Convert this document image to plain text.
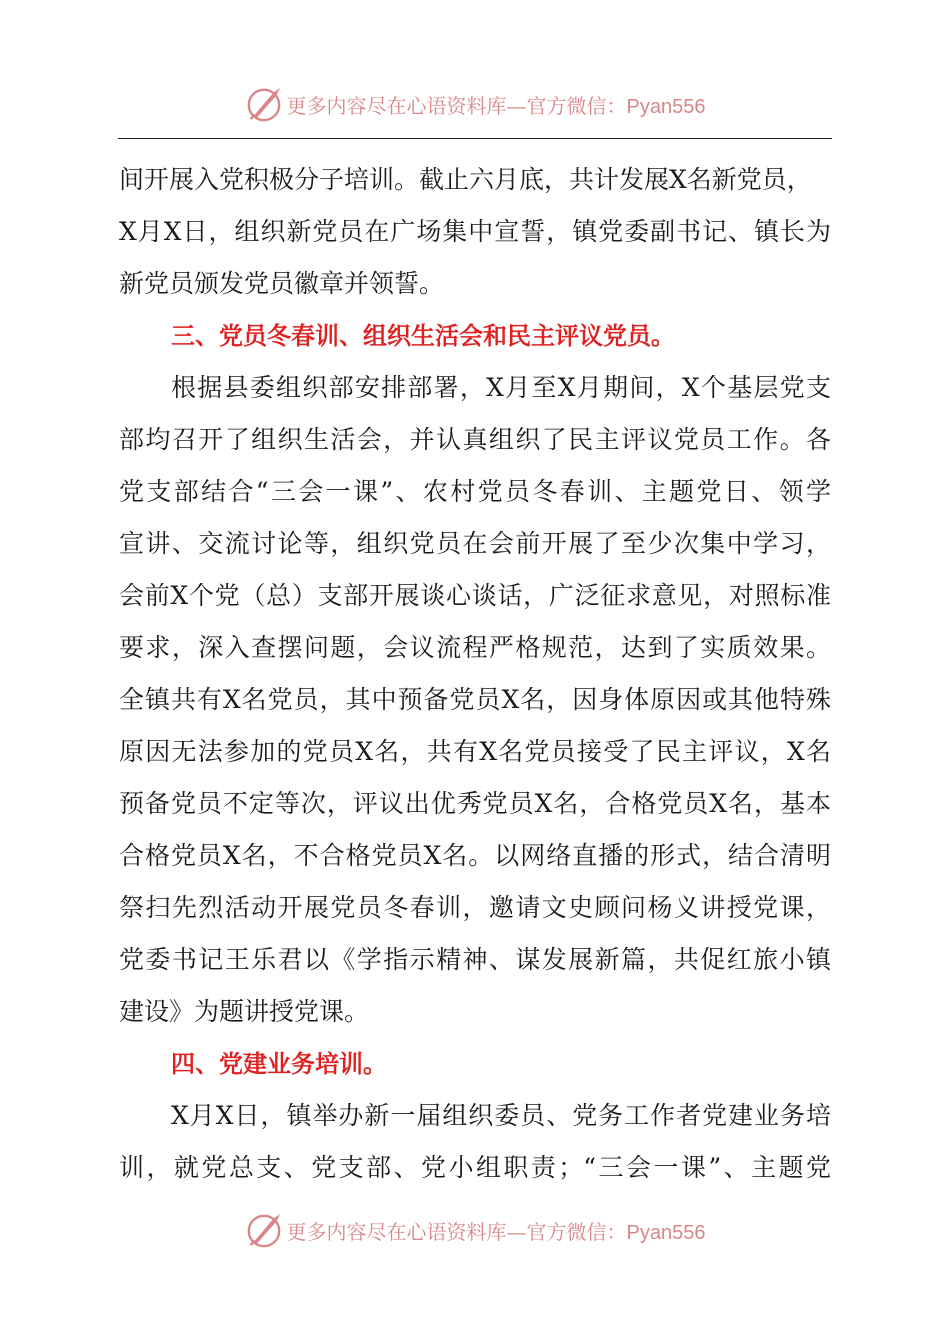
更多内容尽在心语资料库—官方微信：Pyan556
间开展入党积极分子培训。截止六月底，共计发展X名新党员，
X月X日，组织新党员在广场集中宣誓，镇党委副书记、镇长为
新党员颁发党员徽章并领誓。
三、党员冬春训、组织生活会和民主评议党员。
根据县委组织部安排部署，X月至X月期间，X个基层党支
部均召开了组织生活会，并认真组织了民主评议党员工作。各
党支部结合“三会一课”、农村党员冬春训、主题党日、领学
宣讲、交流讨论等，组织党员在会前开展了至少次集中学习，
会前X个党（总）支部开展谈心谈话，广泛征求意见，对照标准
要求，深入查摆问题，会议流程严格规范，达到了实质效果。
全镇共有X名党员，其中预备党员X名，因身体原因或其他特殊
原因无法参加的党员X名，共有X名党员接受了民主评议，X名
预备党员不定等次，评议出优秀党员X名，合格党员X名，基本
合格党员X名，不合格党员X名。以网络直播的形式，结合清明
祭扫先烈活动开展党员冬春训，邀请文史顾问杨义讲授党课，
党委书记王乐君以《学指示精神、谋发展新篇，共促红旅小镇
建设》为题讲授党课。
四、党建业务培训。
X月X日，镇举办新一届组织委员、党务工作者党建业务培
训，就党总支、党支部、党小组职责；“三会一课”、主题党
更多内容尽在心语资料库—官方微信：Pyan556
